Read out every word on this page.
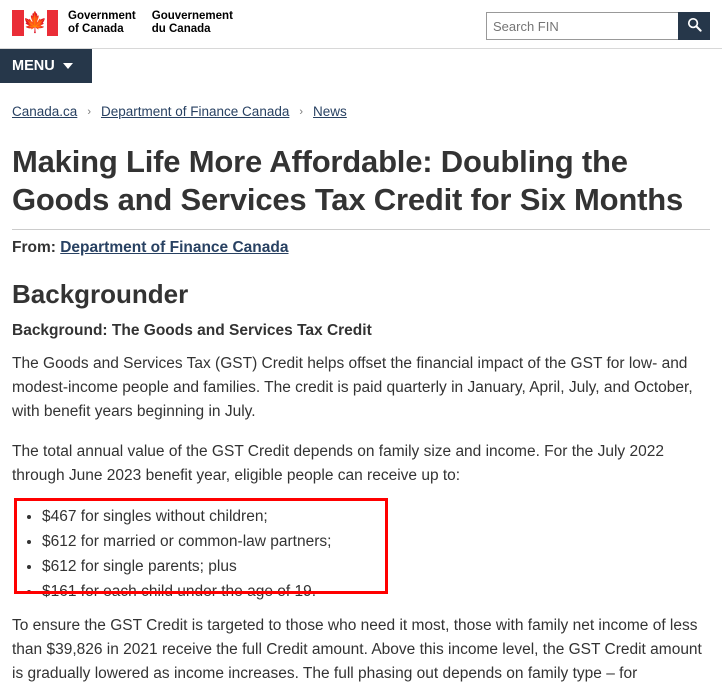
🍁 Government
of Canada
Gouvernement
du Canada
Search FIN
MENU
Canada.ca › Department of Finance Canada › News
Making Life More Affordable: Doubling the Goods and Services Tax Credit for Six Months
From: Department of Finance Canada
Backgrounder
Background: The Goods and Services Tax Credit

The Goods and Services Tax (GST) Credit helps offset the financial impact of the GST for low- and modest-income people and families. The credit is paid quarterly in January, April, July, and October, with benefit years beginning in July.

The total annual value of the GST Credit depends on family size and income. For the July 2022 through June 2023 benefit year, eligible people can receive up to:

• $467 for singles without children;
• $612 for married or common-law partners;
• $612 for single parents; plus
• $161 for each child under the age of 19.

To ensure the GST Credit is targeted to those who need it most, those with family net income of less than $39,826 in 2021 receive the full Credit amount. Above this income level, the GST Credit amount is gradually lowered as income increases. The full phasing out depends on family type – for
